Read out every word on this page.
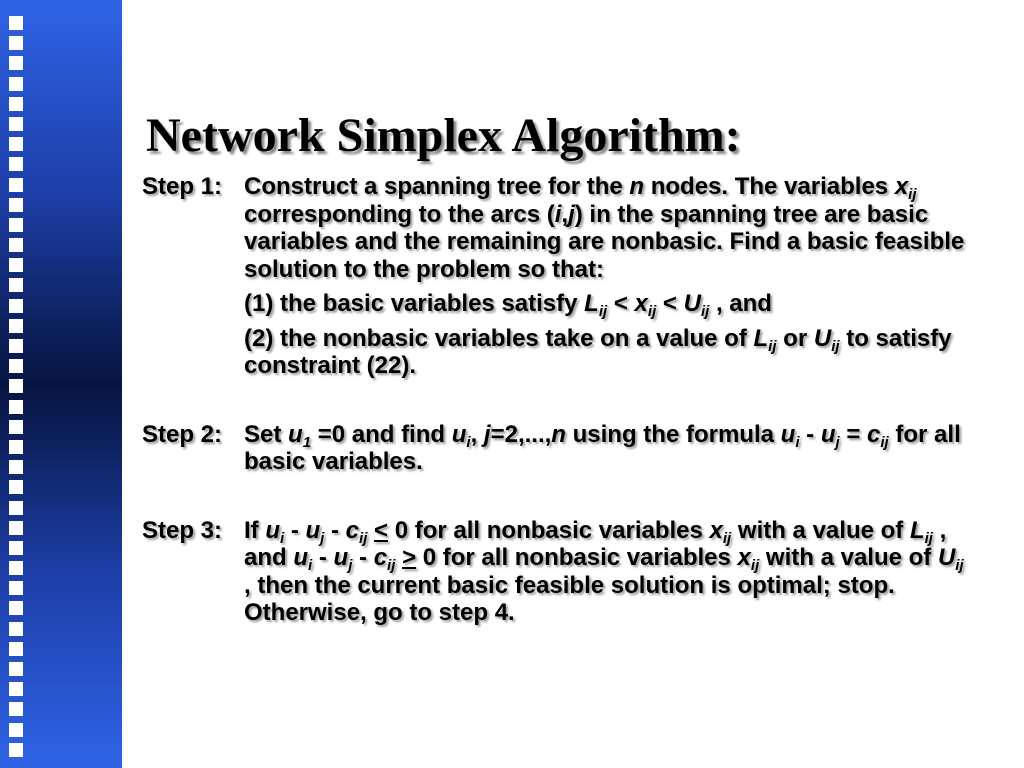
Network Simplex Algorithm:
Step 1: Construct a spanning tree for the n nodes. The variables $x_{ij}$ corresponding to the arcs (i,j) in the spanning tree are basic variables and the remaining are nonbasic. Find a basic feasible solution to the problem so that:
(1) the basic variables satisfy $L_{ij} < x_{ij} < U_{ij}$ , and
(2) the nonbasic variables take on a value of $L_{ij}$ or $U_{ij}$ to satisfy constraint (22).
Step 2: Set $u_1 =0$ and find $u_i$, j=2,...,n using the formula $u_i - u_j = c_{ij}$ for all basic variables.
Step 3: If $u_i - u_j - c_{ij} \le 0$ for all nonbasic variables $x_{ij}$ with a value of $L_{ij}$ , and $u_i - u_j - c_{ij} \ge 0$ for all nonbasic variables $x_{ij}$ with a value of $U_{ij}$ , then the current basic feasible solution is optimal; stop. Otherwise, go to step 4.
